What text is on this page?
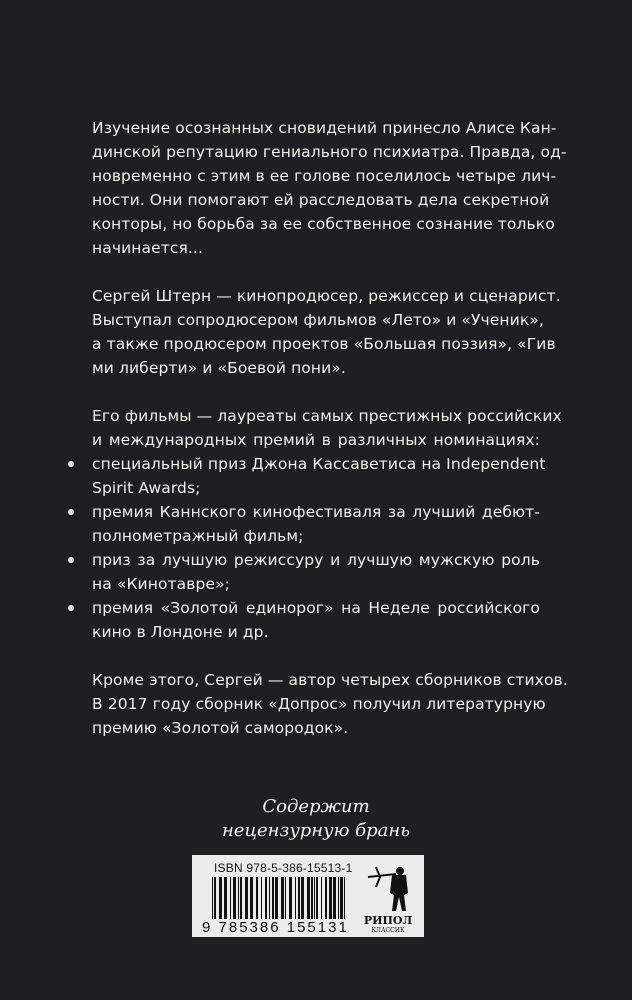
Изучение осознанных сновидений принесло Алисе Кан-
динской репутацию гениального психиатра. Правда, од-
новременно с этим в ее голове поселилось четыре лич-
ности. Они помогают ей расследовать дела секретной
конторы, но борьба за ее собственное сознание только
начинается...
Сергей Штерн — кинопродюсер, режиссер и сценарист.
Выступал сопродюсером фильмов «Лето» и «Ученик»,
а также продюсером проектов «Большая поэзия», «Гив
ми либерти» и «Боевой пони».
Его фильмы — лауреаты самых престижных российских
и международных премий в различных номинациях:
специальный приз Джона Кассаветиса на Independent
Spirit Awards;
премия Каннского кинофестиваля за лучший дебют-
полнометражный фильм;
приз за лучшую режиссуру и лучшую мужскую роль
на «Кинотавре»;
премия «Золотой единорог» на Неделе российского
кино в Лондоне и др.
Кроме этого, Сергей — автор четырех сборников стихов.
В 2017 году сборник «Допрос» получил литературную
премию «Золотой самородок».
Содержит
нецензурную брань
ISBN 978-5-386-15513-1
9 785386 155131	РИПОЛ
КЛАССИК
